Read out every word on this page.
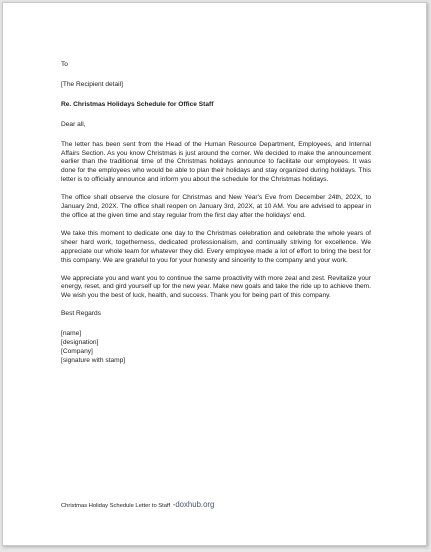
To

[The Recipient detail]

Re. Christmas Holidays Schedule for Office Staff

Dear all,

The letter has been sent from the Head of the Human Resource Department, Employees, and Internal Affairs Section. As you know Christmas is just around the corner. We decided to make the announcement earlier than the traditional time of the Christmas holidays announce to facilitate our employees. It was done for the employees who would be able to plan their holidays and stay organized during holidays. This letter is to officially announce and inform you about the schedule for the Christmas holidays.

The office shall observe the closure for Christmas and New Year's Eve from December 24th, 202X, to January 2nd, 202X. The office shall reopen on January 3rd, 202X, at 10 AM. You are advised to appear in the office at the given time and stay regular from the first day after the holidays' end.

We take this moment to dedicate one day to the Christmas celebration and celebrate the whole years of sheer hard work, togetherness, dedicated professionalism, and continually striving for excellence. We appreciate our whole team for whatever they did. Every employee made a lot of effort to bring the best for this company. We are grateful to you for your honesty and sincerity to the company and your work.

We appreciate you and want you to continue the same proactivity with more zeal and zest. Revitalize your energy, reset, and gird yourself up for the new year. Make new goals and take the ride up to achieve them. We wish you the best of luck, health, and success. Thank you for being part of this company.

Best Regards

[name]

[designation]

[Company]

[signature with stamp]

Christmas Holiday Schedule Letter to Staff -doxhub.org
